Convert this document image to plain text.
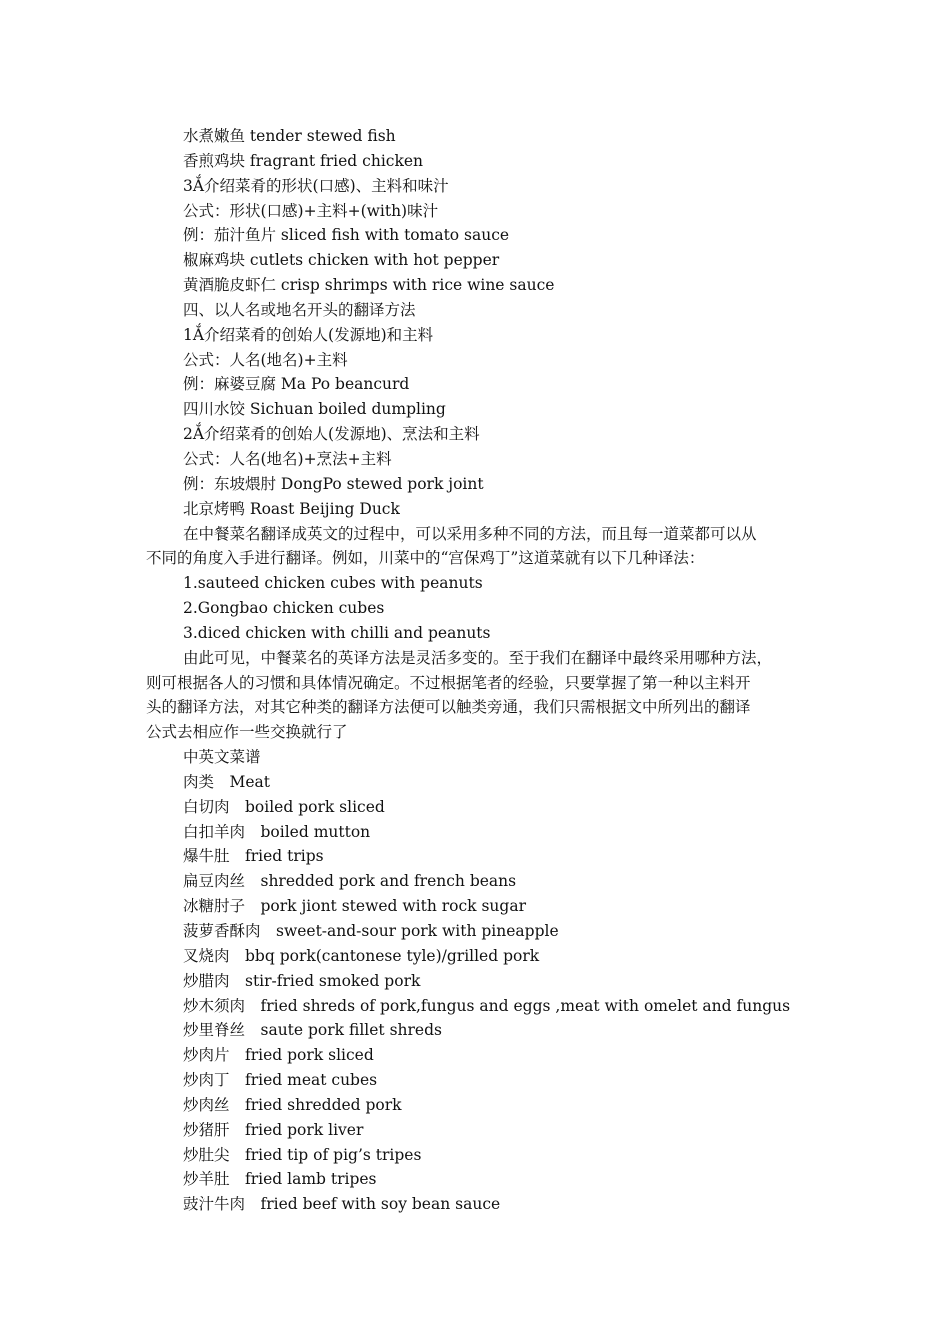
水煮嫩鱼 tender stewed fish
香煎鸡块 fragrant fried chicken
3Ắ介绍菜肴的形状(口感)、主料和味汁
公式：形状(口感)+主料+(with)味汁
例：茄汁鱼片 sliced fish with tomato sauce
椒麻鸡块 cutlets chicken with hot pepper
黄酒脆皮虾仁 crisp shrimps with rice wine sauce
四、以人名或地名开头的翻译方法
1Ắ介绍菜肴的创始人(发源地)和主料
公式：人名(地名)+主料
例：麻婆豆腐 Ma Po beancurd
四川水饺 Sichuan boiled dumpling
2Ắ介绍菜肴的创始人(发源地)、烹法和主料
公式：人名(地名)+烹法+主料
例：东坡煨肘 DongPo stewed pork joint
北京烤鸭 Roast Beijing Duck
在中餐菜名翻译成英文的过程中，可以采用多种不同的方法，而且每一道菜都可以从
不同的角度入手进行翻译。例如，川菜中的“宫保鸡丁”这道菜就有以下几种译法：
1.sauteed chicken cubes with peanuts
2.Gongbao chicken cubes
3.diced chicken with chilli and peanuts
由此可见，中餐菜名的英译方法是灵活多变的。至于我们在翻译中最终采用哪种方法，
则可根据各人的习惯和具体情况确定。不过根据笔者的经验，只要掌握了第一种以主料开
头的翻译方法，对其它种类的翻译方法便可以触类旁通，我们只需根据文中所列出的翻译
公式去相应作一些交换就行了
中英文菜谱
肉类　Meat
白切肉　boiled pork sliced
白扣羊肉　boiled mutton
爆牛肚　fried trips
扁豆肉丝　shredded pork and french beans
冰糖肘子　pork jiont stewed with rock sugar
菠萝香酥肉　sweet-and-sour pork with pineapple
叉烧肉　bbq pork(cantonese tyle)/grilled pork
炒腊肉　stir-fried smoked pork
炒木须肉　fried shreds of pork,fungus and eggs ,meat with omelet and fungus
炒里脊丝　saute pork fillet shreds
炒肉片　fried pork sliced
炒肉丁　fried meat cubes
炒肉丝　fried shredded pork
炒猪肝　fried pork liver
炒肚尖　fried tip of pig’s tripes
炒羊肚　fried lamb tripes
豉汁牛肉　fried beef with soy bean sauce
